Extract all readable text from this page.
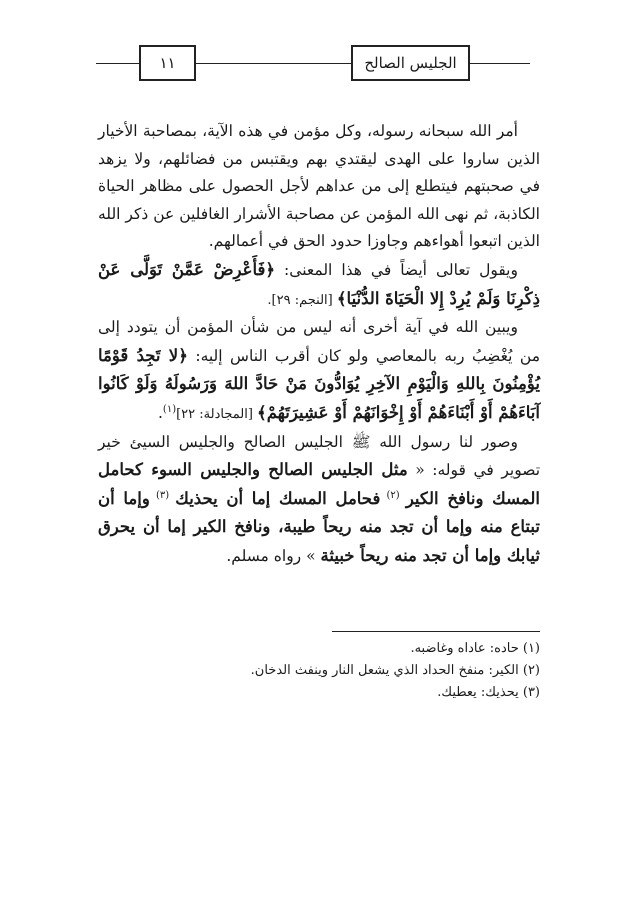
١١	الجليس الصالح

أمر الله سبحانه رسوله، وكل مؤمن في هذه الآية، بمصاحبة الأخيار الذين ساروا على الهدى ليقتدي بهم ويقتبس من فضائلهم، ولا يزهد في صحبتهم فيتطلع إلى من عداهم لأجل الحصول على مظاهر الحياة الكاذبة، ثم نهى الله المؤمن عن مصاحبة الأشرار الغافلين عن ذكر الله الذين اتبعوا أهواءهم وجاوزا حدود الحق في أعمالهم.

ويقول تعالى أيضاً في هذا المعنى: ﴿فَأَعْرِضْ عَمَّنْ تَوَلَّى عَنْ ذِكْرِنَا وَلَمْ يُرِدْ إِلا الْحَيَاةَ الدُّنْيَا﴾ [النجم: ٢٩].

ويبين الله في آية أخرى أنه ليس من شأن المؤمن أن يتودد إلى من يُغْضِبُ ربه بالمعاصي ولو كان أقرب الناس إليه: ﴿لا تَجِدُ قَوْمًا يُؤْمِنُونَ بِاللهِ وَالْيَوْمِ الآخِرِ يُوَادُّونَ مَنْ حَادَّ اللهَ وَرَسُولَهُ وَلَوْ كَانُوا آبَاءَهُمْ أَوْ أَبْنَاءَهُمْ أَوْ إِخْوَانَهُمْ أَوْ عَشِيرَتَهُمْ﴾ [المجادلة: ٢٢]$^{(١)}$.

وصور لنا رسول الله ﷺ الجليس الصالح والجليس السيئ خير تصوير في قوله: « مثل الجليس الصالح والجليس السوء كحامل المسك ونافخ الكير $^{(٢)}$ فحامل المسك إما أن يحذيك $^{(٣)}$ وإما أن تبتاع منه وإما أن تجد منه ريحاً طيبة، ونافخ الكير إما أن يحرق ثيابك وإما أن تجد منه ريحاً خبيثة » رواه مسلم.

(١) حاده: عاداه وغاضبه.
(٢) الكير: منفخ الحداد الذي يشعل النار وينفث الدخان.
(٣) يحذيك: يعطيك.
